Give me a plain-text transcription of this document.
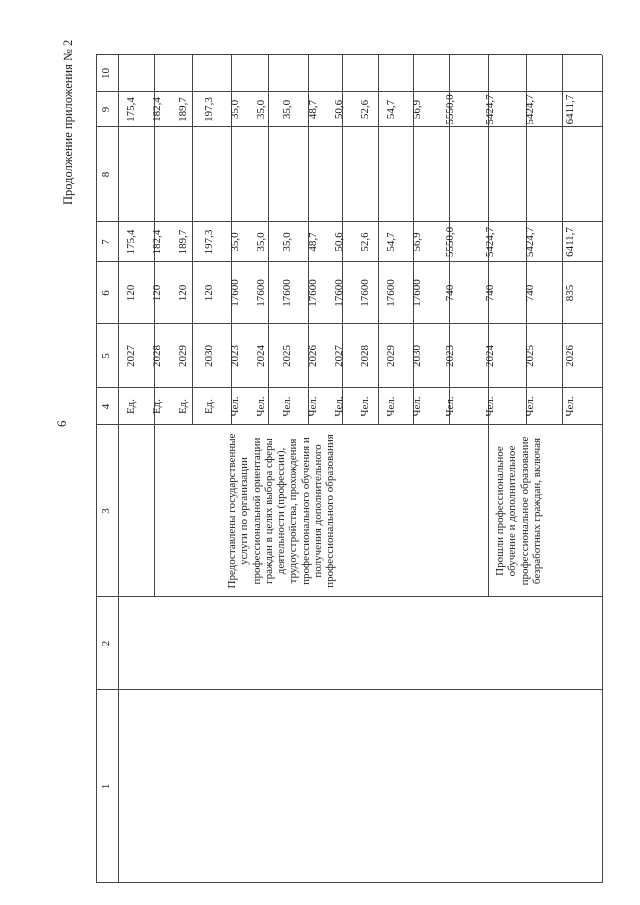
6
Продолжение приложения № 2
1
2
3
4
5
6
7
8
9
10
Ед.
2027
120
175,4
175,4
Ед.
2028
120
182,4
182,4
Ед.
2029
120
189,7
189,7
Ед.
2030
120
197,3
197,3
Чел.
2023
17600
35,0
35,0
Чел.
2024
17600
35,0
35,0
Чел.
2025
17600
35,0
35,0
Чел.
2026
17600
48,7
48,7
Чел.
2027
17600
50,6
50,6
Чел.
2028
17600
52,6
52,6
Чел.
2029
17600
54,7
54,7
Чел.
2030
17600
56,9
56,9
Чел.
2023
740
5550,0
5550,0
Чел.
2024
740
5424,7
5424,7
Чел.
2025
740
5424,7
5424,7
Чел.
2026
835
6411,7
6411,7
Предоставлены государственные услуги по организации профессиональной ориентации граждан в целях выбора сферы деятельности (профессии), трудоустройства, прохождения профессионального обучения и получения дополнительного профессионального образования	Прошли профессиональное обучение и дополнительное профессиональное образование безработных граждан, включая
